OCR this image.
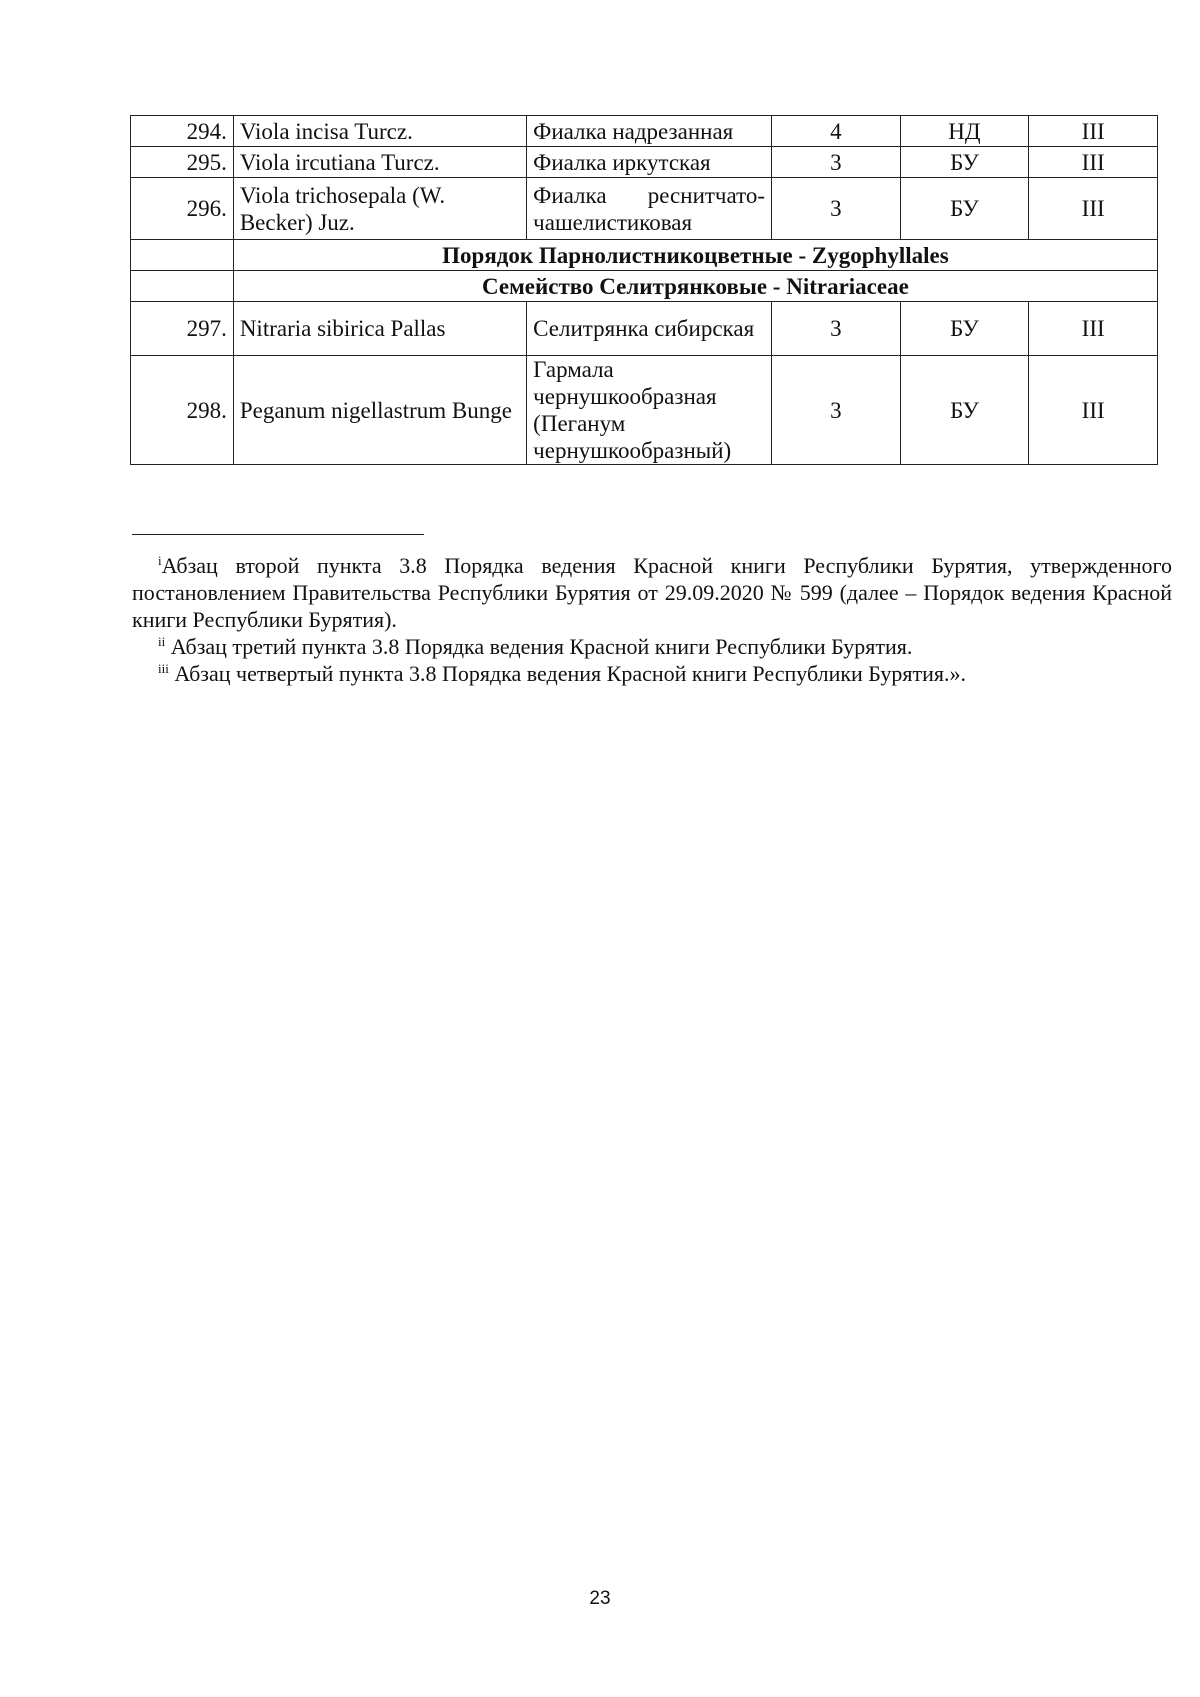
294.	Viola incisa Turcz.	Фиалка надрезанная	4	НД	III
295.	Viola ircutiana Turcz.	Фиалка иркутская	3	БУ	III
296.	Viola trichosepala (W. Becker) Juz.	Фиалка реснитчато-чашелистиковая	3	БУ	III
	Порядок Парнолистникоцветные - Zygophyllales				
	Семейство Селитрянковые - Nitrariaceae				
297.	Nitraria sibirica Pallas	Селитрянка сибирская	3	БУ	III
298.	Peganum nigellastrum Bunge	Гармала чернушкообразная (Пеганум чернушкообразный)	3	БУ	III

$^i$Абзац второй пункта 3.8 Порядка ведения Красной книги Республики Бурятия, утвержденного постановлением Правительства Республики Бурятия от 29.09.2020 № 599 (далее – Порядок ведения Красной книги Республики Бурятия).

$^{ii}$ Абзац третий пункта 3.8 Порядка ведения Красной книги Республики Бурятия.

$^{iii}$ Абзац четвертый пункта 3.8 Порядка ведения Красной книги Республики Бурятия.».

23
